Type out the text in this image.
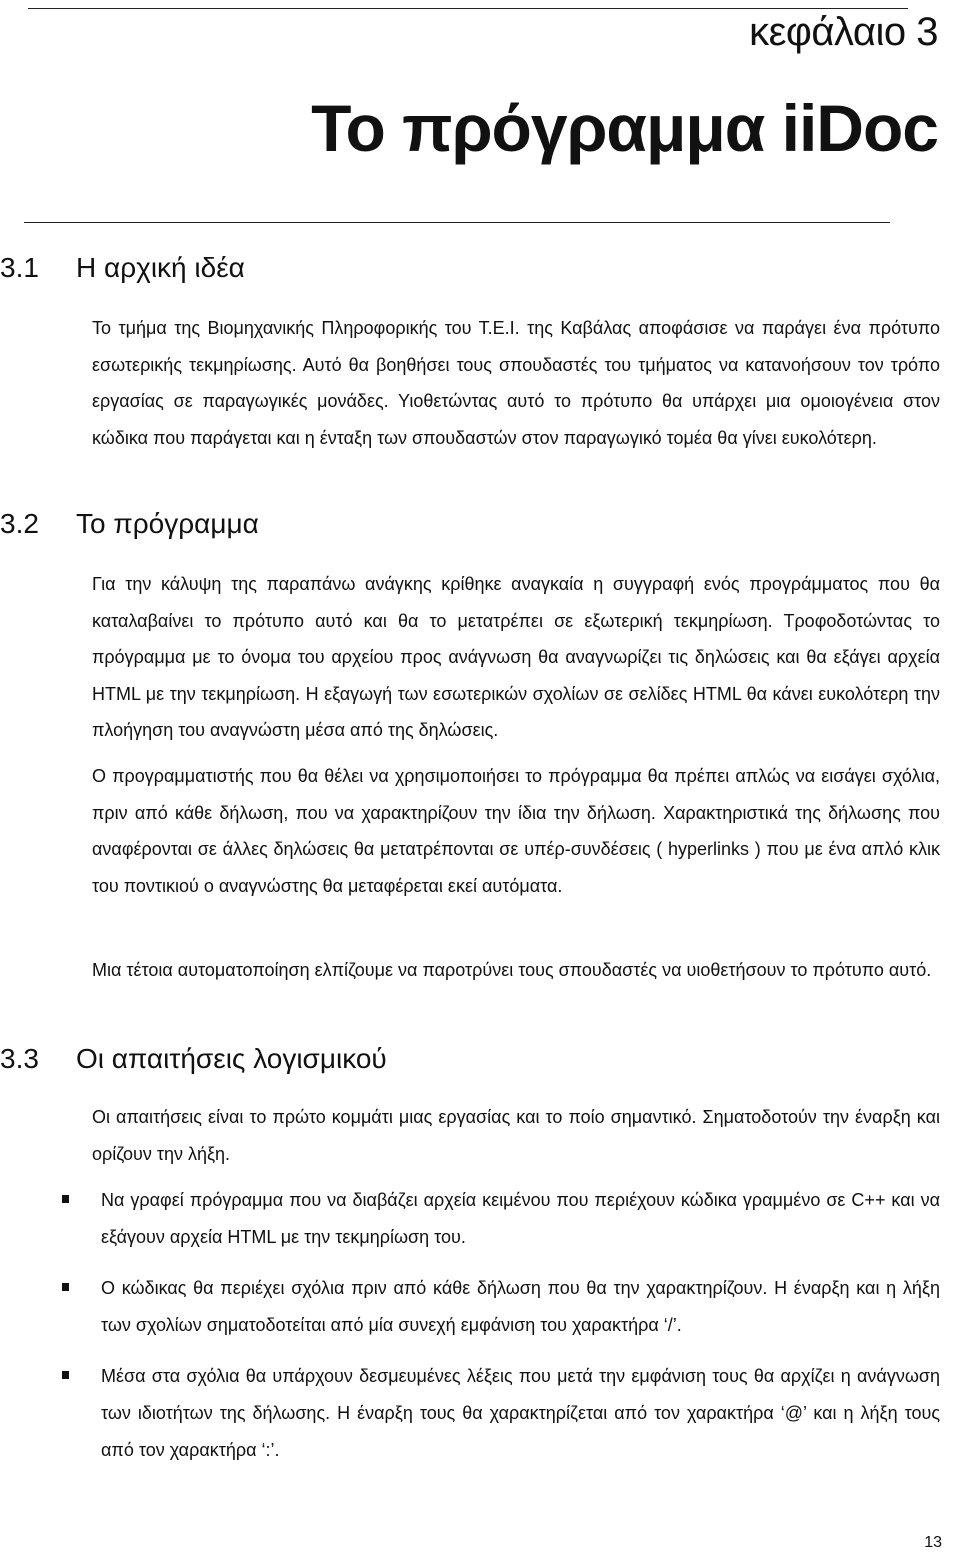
κεφάλαιο 3
Το πρόγραμμα iiDoc
3.1 Η αρχική ιδέα

Το τμήμα της Βιομηχανικής Πληροφορικής του Τ.Ε.Ι. της Καβάλας αποφάσισε να παράγει ένα πρότυπο εσωτερικής τεκμηρίωσης. Αυτό θα βοηθήσει τους σπουδαστές του τμήματος να κατανοήσουν τον τρόπο εργασίας σε παραγωγικές μονάδες. Υιοθετώντας αυτό το πρότυπο θα υπάρχει μια ομοιογένεια στον κώδικα που παράγεται και η ένταξη των σπουδαστών στον παραγωγικό τομέα θα γίνει ευκολότερη.

3.2 Το πρόγραμμα

Για την κάλυψη της παραπάνω ανάγκης κρίθηκε αναγκαία η συγγραφή ενός προγράμματος που θα καταλαβαίνει το πρότυπο αυτό και θα το μετατρέπει σε εξωτερική τεκμηρίωση. Τροφοδοτώντας το πρόγραμμα με το όνομα του αρχείου προς ανάγνωση θα αναγνωρίζει τις δηλώσεις και θα εξάγει αρχεία HTML με την τεκμηρίωση. Η εξαγωγή των εσωτερικών σχολίων σε σελίδες HTML θα κάνει ευκολότερη την πλοήγηση του αναγνώστη μέσα από της δηλώσεις.

Ο προγραμματιστής που θα θέλει να χρησιμοποιήσει το πρόγραμμα θα πρέπει απλώς να εισάγει σχόλια, πριν από κάθε δήλωση, που να χαρακτηρίζουν την ίδια την δήλωση. Χαρακτηριστικά της δήλωσης που αναφέρονται σε άλλες δηλώσεις θα μετατρέπονται σε υπέρ-συνδέσεις ( hyperlinks ) που με ένα απλό κλικ του ποντικιού ο αναγνώστης θα μεταφέρεται εκεί αυτόματα.

Μια τέτοια αυτοματοποίηση ελπίζουμε να παροτρύνει τους σπουδαστές να υιοθετήσουν το πρότυπο αυτό.

3.3 Οι απαιτήσεις λογισμικού

Οι απαιτήσεις είναι το πρώτο κομμάτι μιας εργασίας και το ποίο σημαντικό. Σηματοδοτούν την έναρξη και ορίζουν την λήξη.

Να γραφεί πρόγραμμα που να διαβάζει αρχεία κειμένου που περιέχουν κώδικα γραμμένο σε C++ και να εξάγουν αρχεία HTML με την τεκμηρίωση του.
Ο κώδικας θα περιέχει σχόλια πριν από κάθε δήλωση που θα την χαρακτηρίζουν. Η έναρξη και η λήξη των σχολίων σηματοδοτείται από μία συνεχή εμφάνιση του χαρακτήρα ‘/’.
Μέσα στα σχόλια θα υπάρχουν δεσμευμένες λέξεις που μετά την εμφάνιση τους θα αρχίζει η ανάγνωση των ιδιοτήτων της δήλωσης. Η έναρξη τους θα χαρακτηρίζεται από τον χαρακτήρα ‘@’ και η λήξη τους από τον χαρακτήρα ‘:’.
13
